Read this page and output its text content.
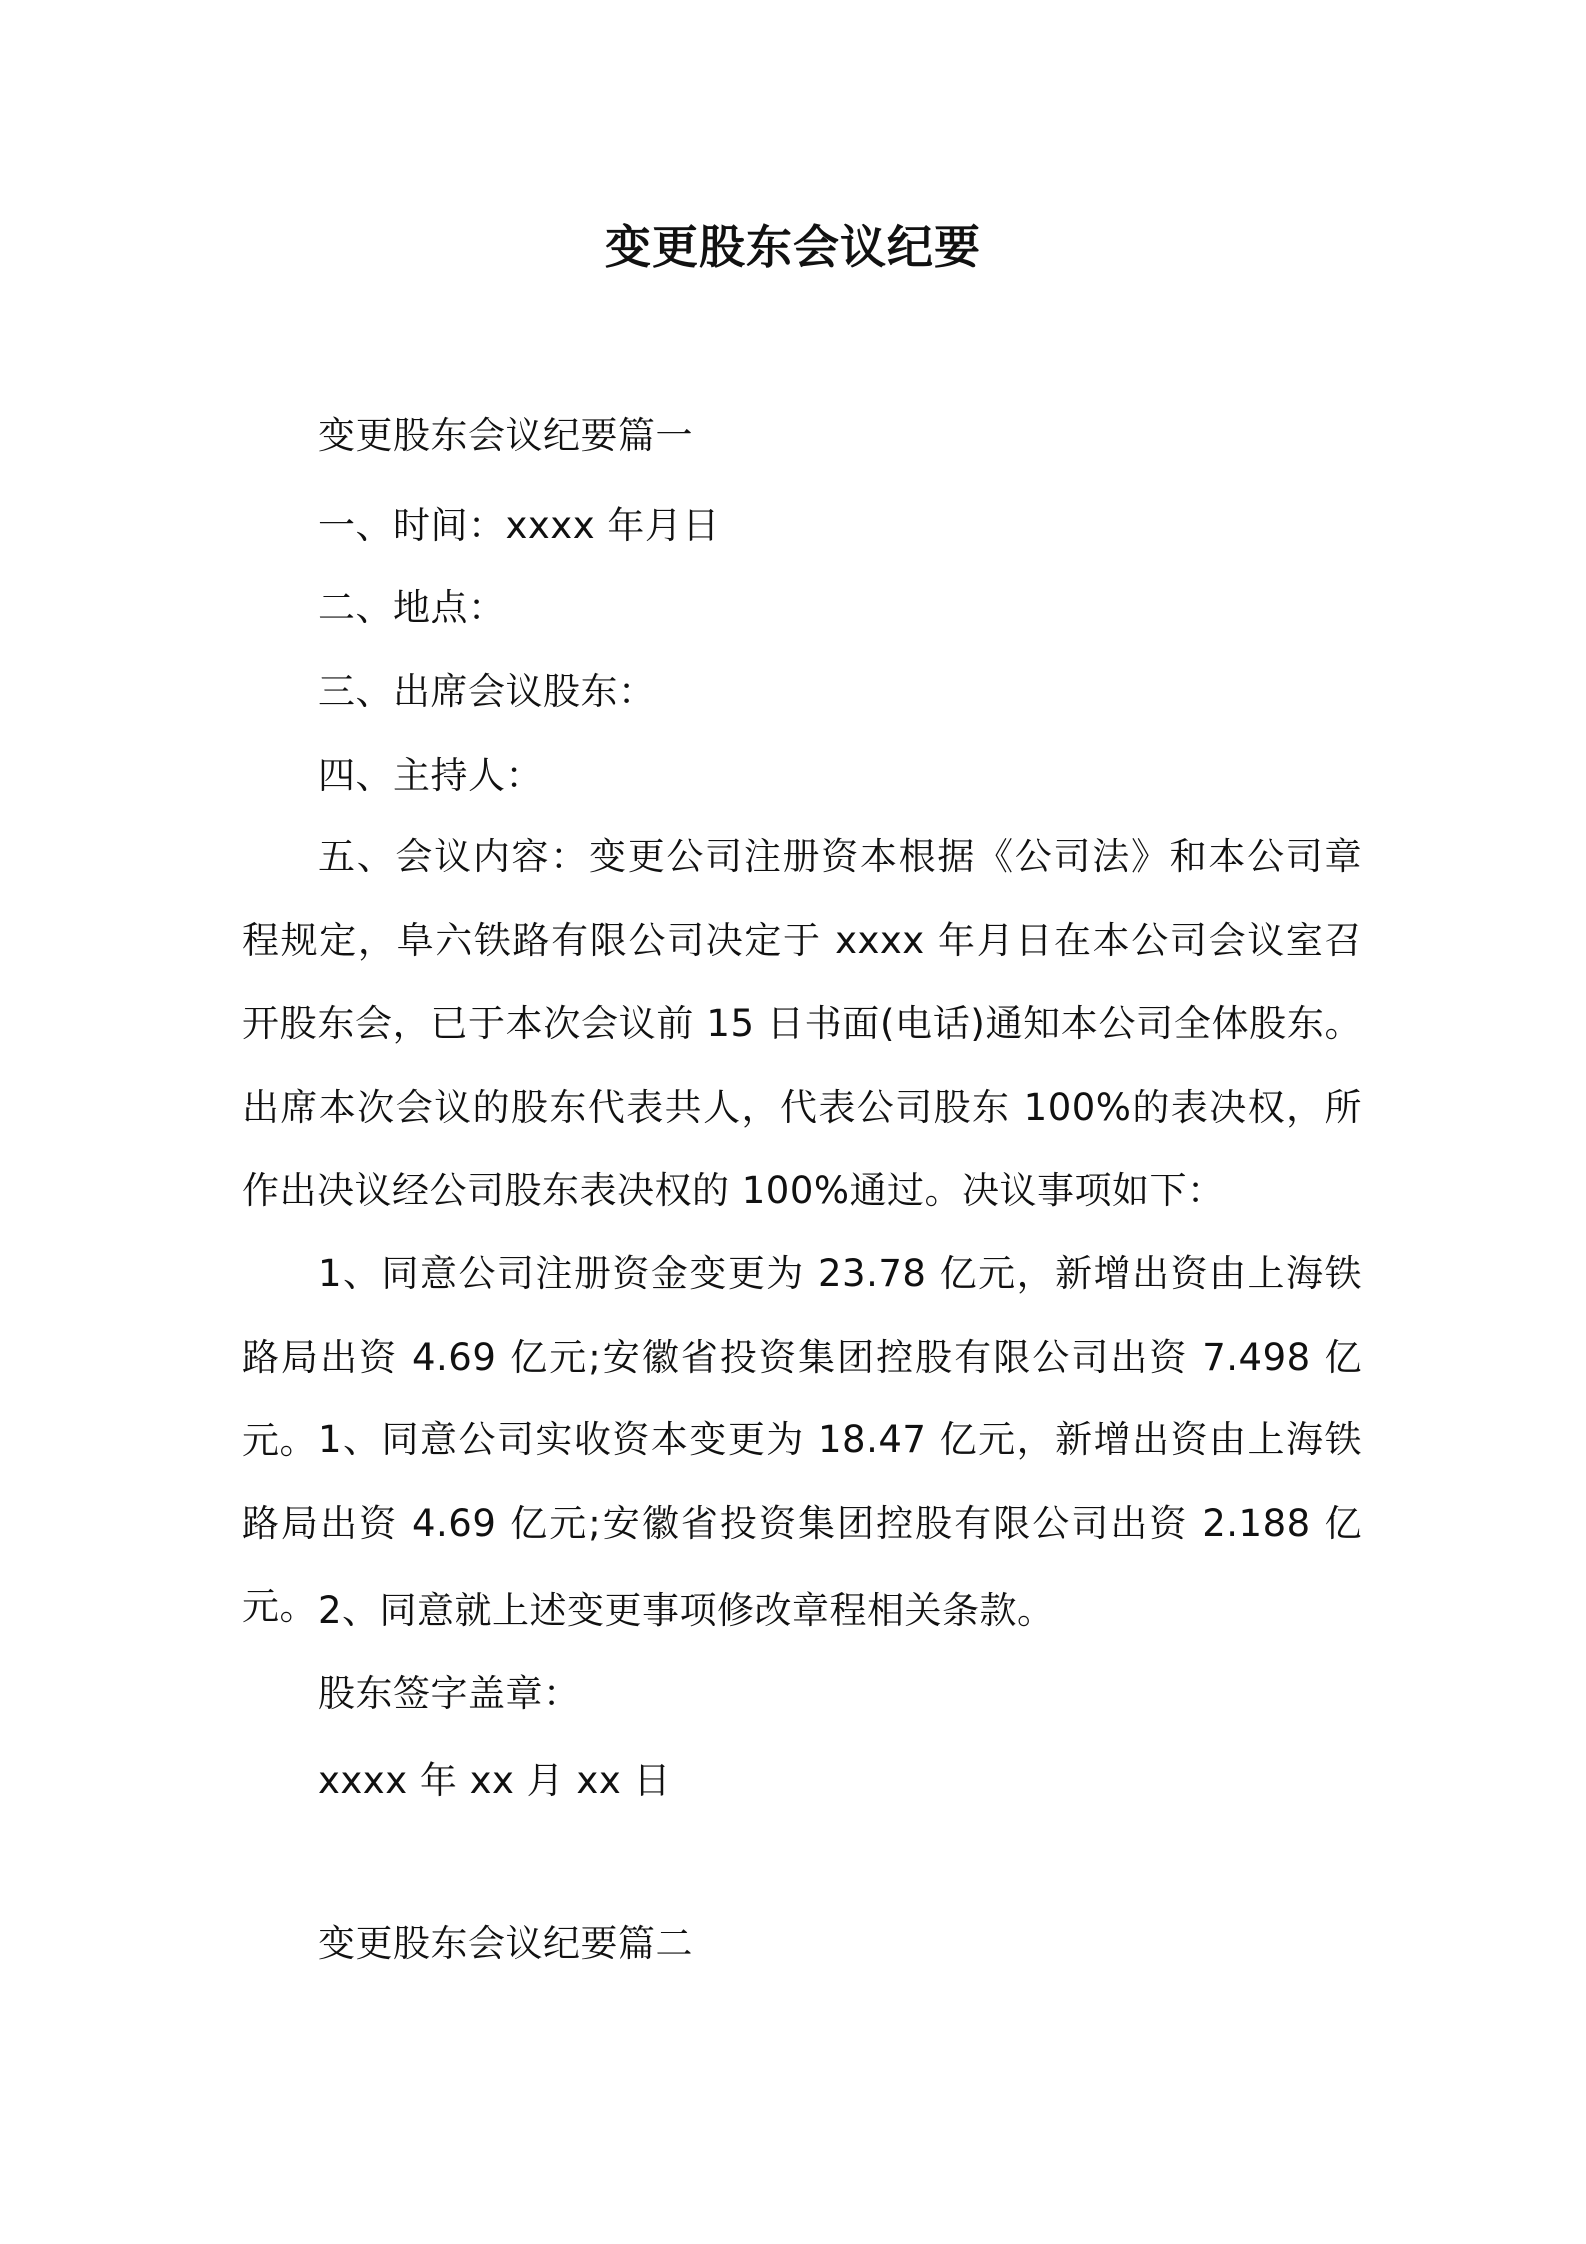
变更股东会议纪要
变更股东会议纪要篇一
一、时间：xxxx 年月日
二、地点：
三、出席会议股东：
四、主持人：
五、会议内容：变更公司注册资本根据《公司法》和本公司章程规定，阜六铁路有限公司决定于 xxxx 年月日在本公司会议室召开股东会，已于本次会议前 15 日书面(电话)通知本公司全体股东。出席本次会议的股东代表共人，代表公司股东 100%的表决权，所作出决议经公司股东表决权的 100%通过。决议事项如下：
1、同意公司注册资金变更为 23.78 亿元，新增出资由上海铁路局出资 4.69 亿元;安徽省投资集团控股有限公司出资 7.498 亿元。 1、同意公司实收资本变更为 18.47 亿元，新增出资由上海铁路局出资 4.69 亿元;安徽省投资集团控股有限公司出资 2.188 亿元。 2、同意就上述变更事项修改章程相关条款。
股东签字盖章：
xxxx 年 xx 月 xx 日
变更股东会议纪要篇二
